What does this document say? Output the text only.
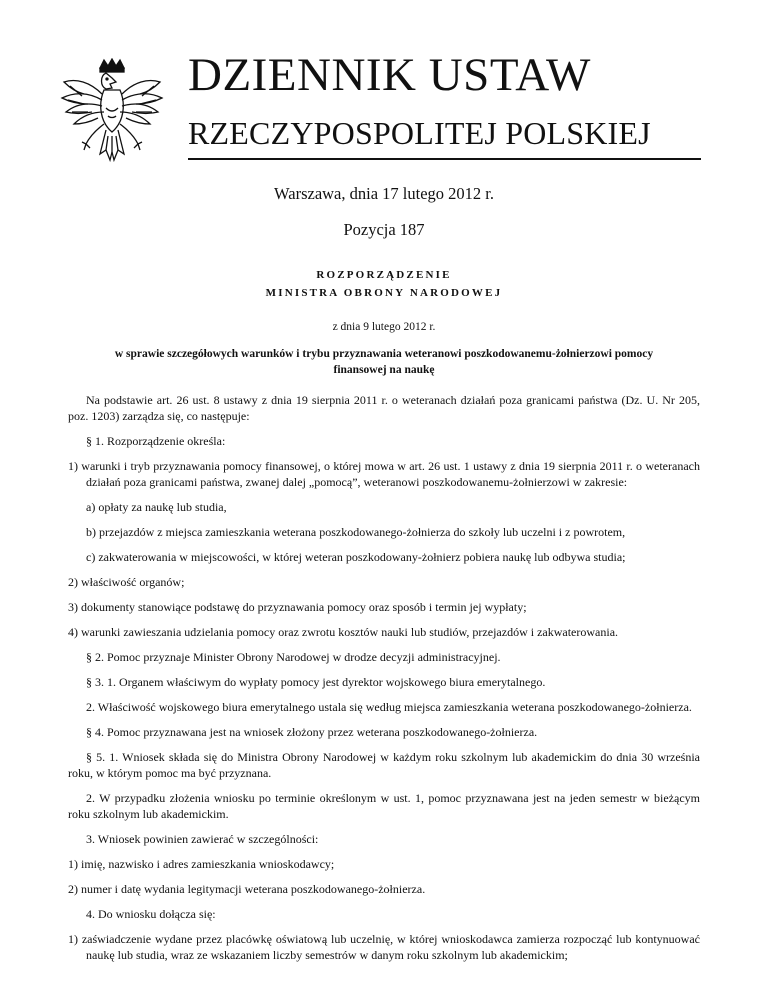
DZIENNIK USTAW
RZECZYPOSPOLITEJ POLSKIEJ
Warszawa, dnia 17 lutego 2012 r.
Pozycja 187
ROZPORZĄDZENIE
MINISTRA OBRONY NARODOWEJ
z dnia 9 lutego 2012 r.
w sprawie szczegółowych warunków i trybu przyznawania weteranowi poszkodowanemu-żołnierzowi pomocy finansowej na naukę

Na podstawie art. 26 ust. 8 ustawy z dnia 19 sierpnia 2011 r. o weteranach działań poza granicami państwa (Dz. U. Nr 205, poz. 1203) zarządza się, co następuje:

§ 1. Rozporządzenie określa:

1) warunki i tryb przyznawania pomocy finansowej, o której mowa w art. 26 ust. 1 ustawy z dnia 19 sierpnia 2011 r. o weteranach działań poza granicami państwa, zwanej dalej „pomocą”, weteranowi poszkodowanemu-żołnierzowi w zakresie:

a) opłaty za naukę lub studia,

b) przejazdów z miejsca zamieszkania weterana poszkodowanego-żołnierza do szkoły lub uczelni i z powrotem,

c) zakwaterowania w miejscowości, w której weteran poszkodowany-żołnierz pobiera naukę lub odbywa studia;

2) właściwość organów;

3) dokumenty stanowiące podstawę do przyznawania pomocy oraz sposób i termin jej wypłaty;

4) warunki zawieszania udzielania pomocy oraz zwrotu kosztów nauki lub studiów, przejazdów i zakwaterowania.

§ 2. Pomoc przyznaje Minister Obrony Narodowej w drodze decyzji administracyjnej.

§ 3. 1. Organem właściwym do wypłaty pomocy jest dyrektor wojskowego biura emerytalnego.

2. Właściwość wojskowego biura emerytalnego ustala się według miejsca zamieszkania weterana poszkodowanego-żołnierza.

§ 4. Pomoc przyznawana jest na wniosek złożony przez weterana poszkodowanego-żołnierza.

§ 5. 1. Wniosek składa się do Ministra Obrony Narodowej w każdym roku szkolnym lub akademickim do dnia 30 września roku, w którym pomoc ma być przyznana.

2. W przypadku złożenia wniosku po terminie określonym w ust. 1, pomoc przyznawana jest na jeden semestr w bieżącym roku szkolnym lub akademickim.

3. Wniosek powinien zawierać w szczególności:

1) imię, nazwisko i adres zamieszkania wnioskodawcy;

2) numer i datę wydania legitymacji weterana poszkodowanego-żołnierza.

4. Do wniosku dołącza się:

1) zaświadczenie wydane przez placówkę oświatową lub uczelnię, w której wnioskodawca zamierza rozpocząć lub kontynuować naukę lub studia, wraz ze wskazaniem liczby semestrów w danym roku szkolnym lub akademickim;
